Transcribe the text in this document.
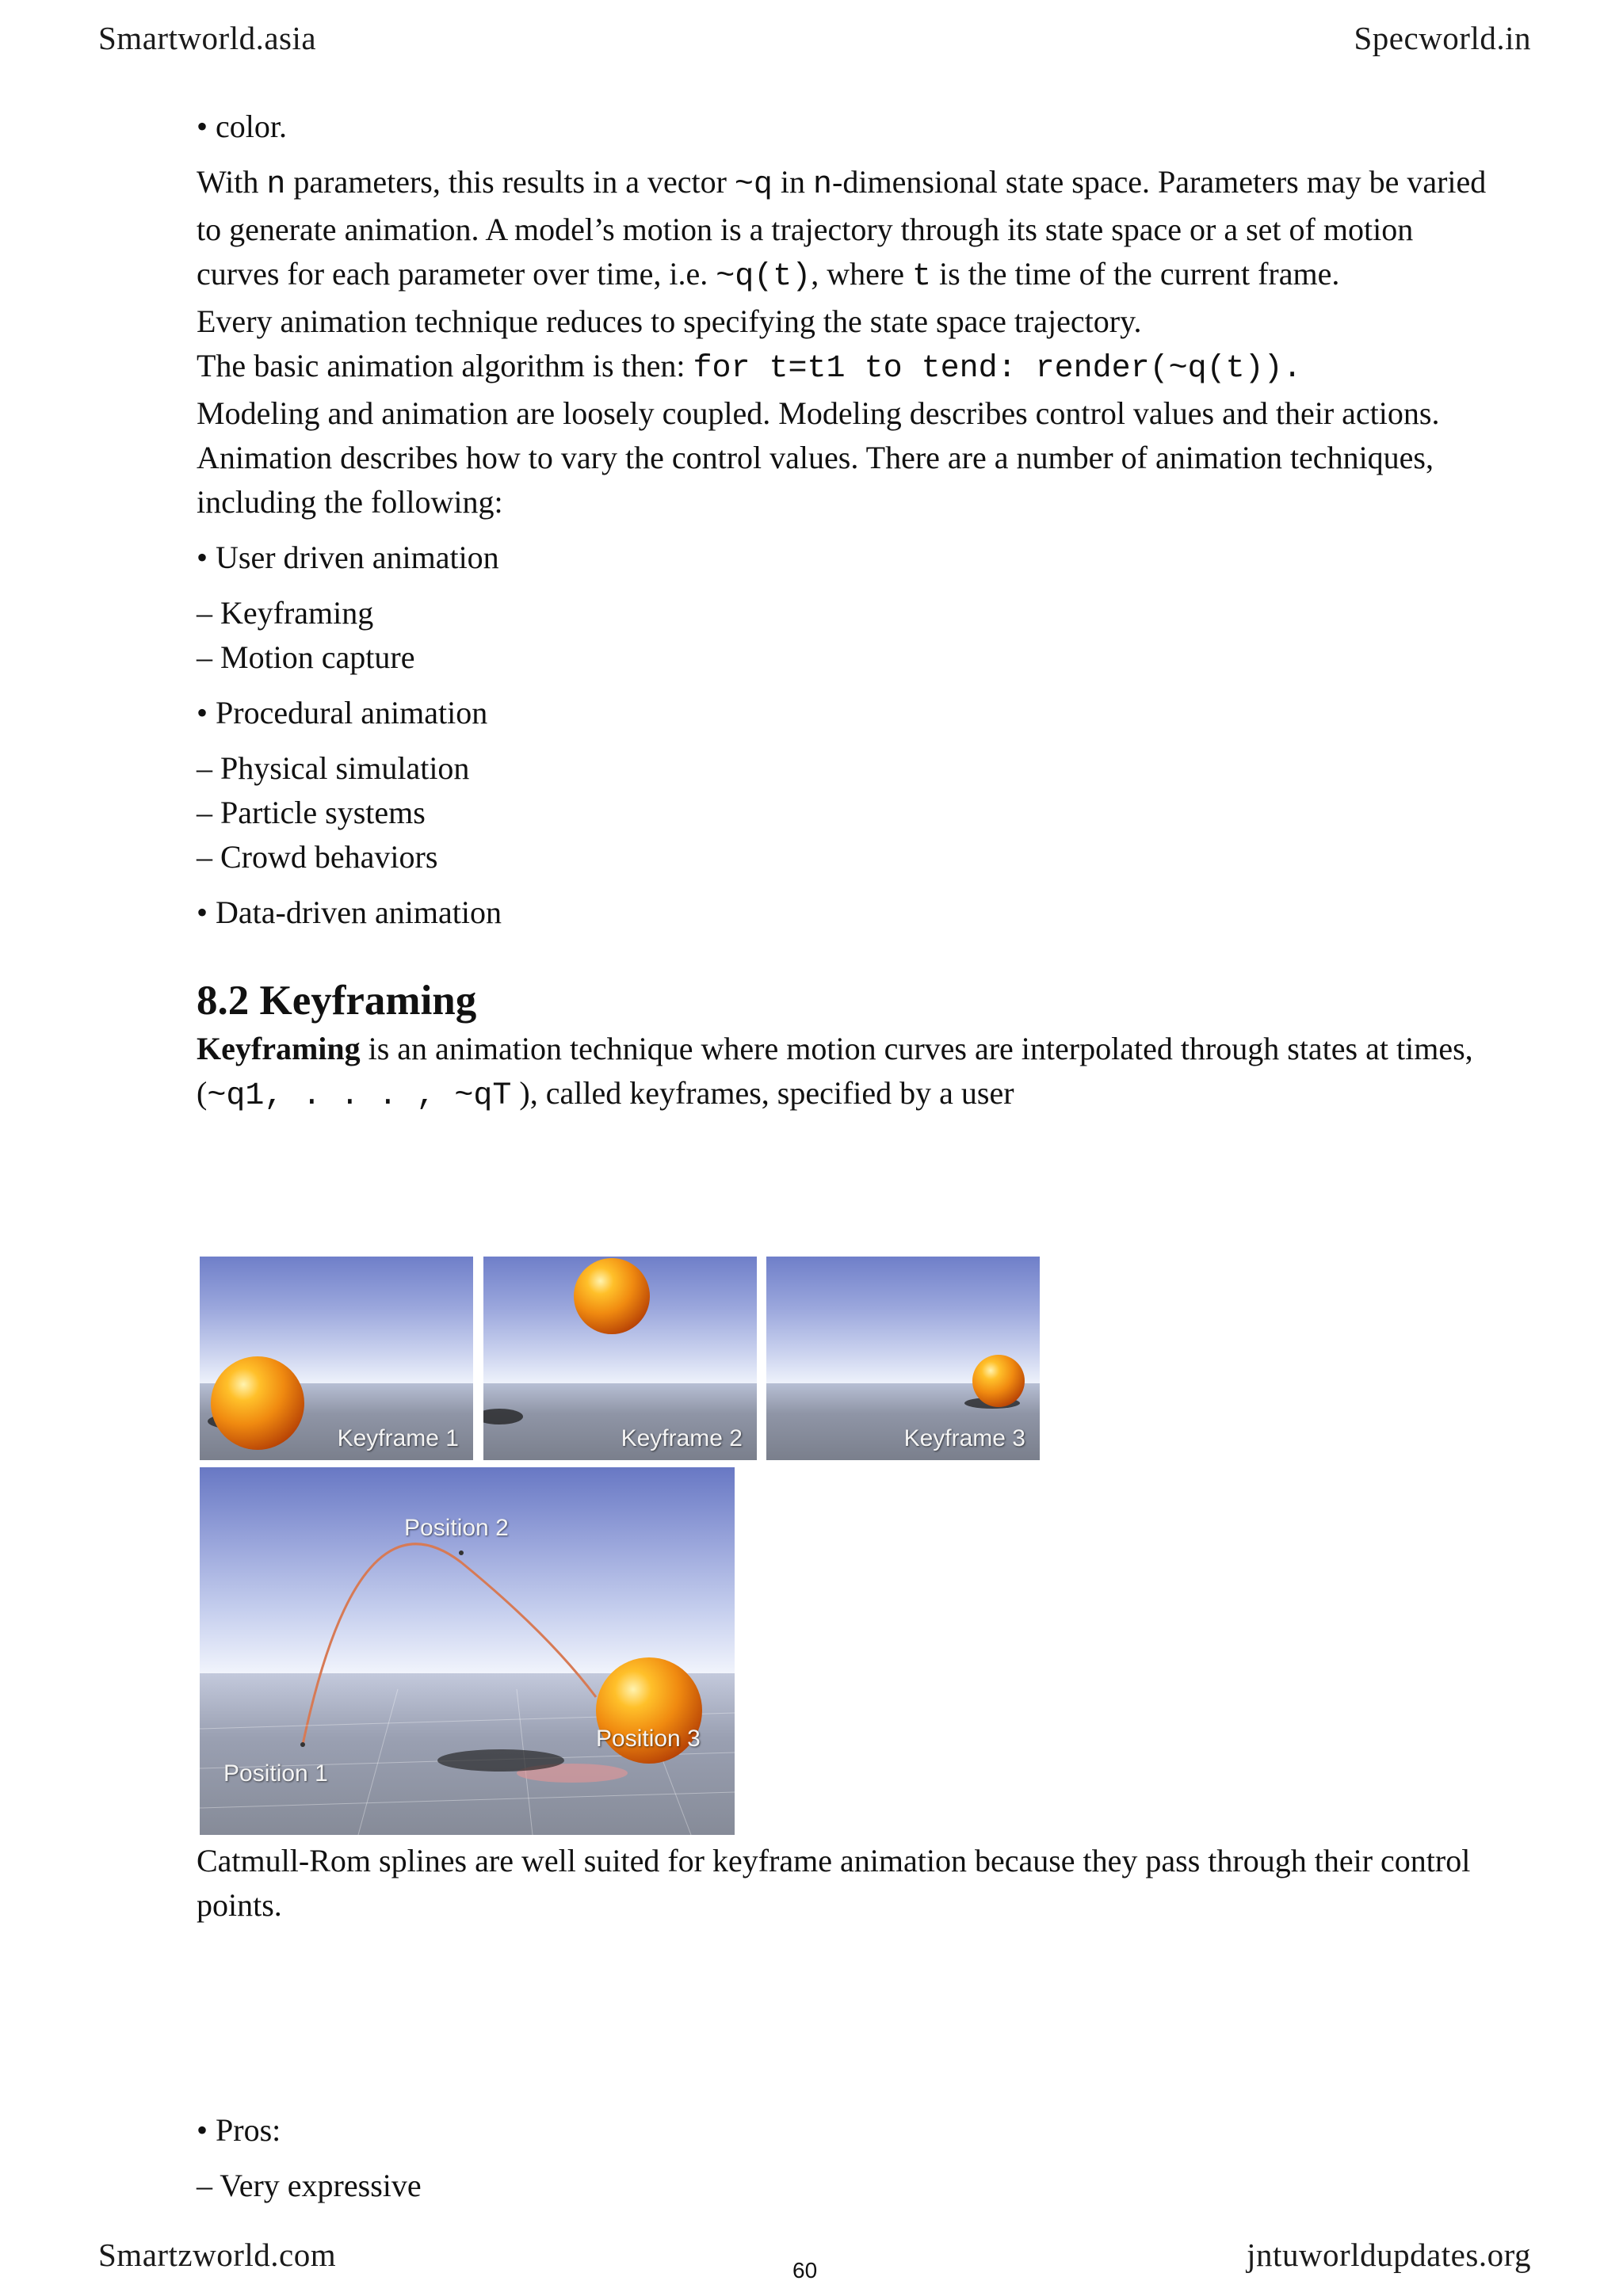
Smartworld.asia	Specworld.in

• color.

With n parameters, this results in a vector ~q in n-dimensional state space. Parameters may be varied to generate animation. A model’s motion is a trajectory through its state space or a set of motion curves for each parameter over time, i.e. ~q(t), where t is the time of the current frame.

Every animation technique reduces to specifying the state space trajectory.

The basic animation algorithm is then: for t=t1 to tend: render(~q(t)).

Modeling and animation are loosely coupled. Modeling describes control values and their actions.

Animation describes how to vary the control values. There are a number of animation techniques,

including the following:

• User driven animation

– Keyframing

– Motion capture

• Procedural animation

– Physical simulation

– Particle systems

– Crowd behaviors

• Data-driven animation

8.2 Keyframing

Keyframing is an animation technique where motion curves are interpolated through states at times, (~q1, . . . , ~qT ), called keyframes, specified by a user

Keyframe 1	Keyframe 2	Keyframe 3
Position 2
Position 3
Position 1

Catmull-Rom splines are well suited for keyframe animation because they pass through their control points.

• Pros:

– Very expressive

Smartzworld.com	60	jntuworldupdates.org
